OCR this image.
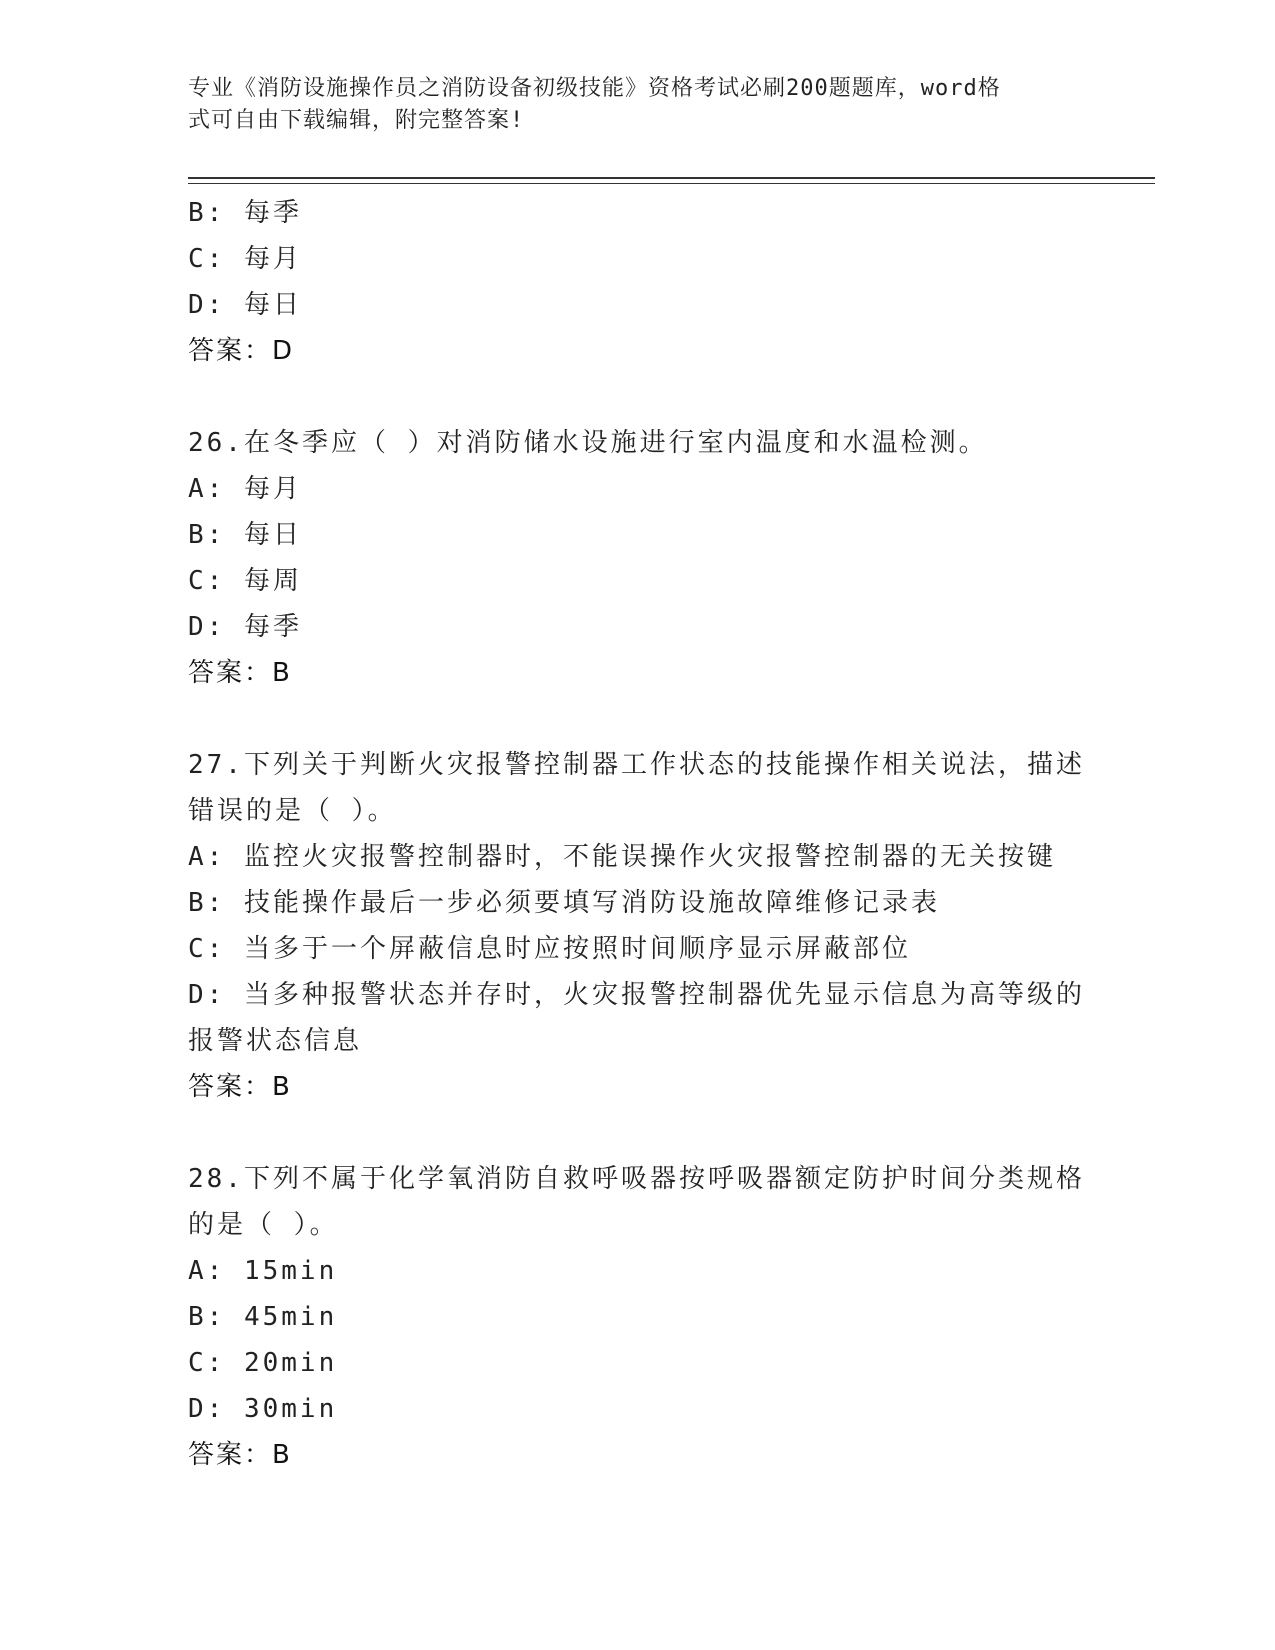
专业《消防设施操作员之消防设备初级技能》资格考试必刷200题题库，word格
式可自由下载编辑，附完整答案!
B: 每季
C: 每月
D: 每日
答案：D
26.在冬季应（ ）对消防储水设施进行室内温度和水温检测。
A: 每月
B: 每日
C: 每周
D: 每季
答案：B
27.下列关于判断火灾报警控制器工作状态的技能操作相关说法，描述
错误的是（ ）。
A: 监控火灾报警控制器时，不能误操作火灾报警控制器的无关按键
B: 技能操作最后一步必须要填写消防设施故障维修记录表
C: 当多于一个屏蔽信息时应按照时间顺序显示屏蔽部位
D: 当多种报警状态并存时，火灾报警控制器优先显示信息为高等级的
报警状态信息
答案：B
28.下列不属于化学氧消防自救呼吸器按呼吸器额定防护时间分类规格
的是（ ）。
A: 15min
B: 45min
C: 20min
D: 30min
答案：B
